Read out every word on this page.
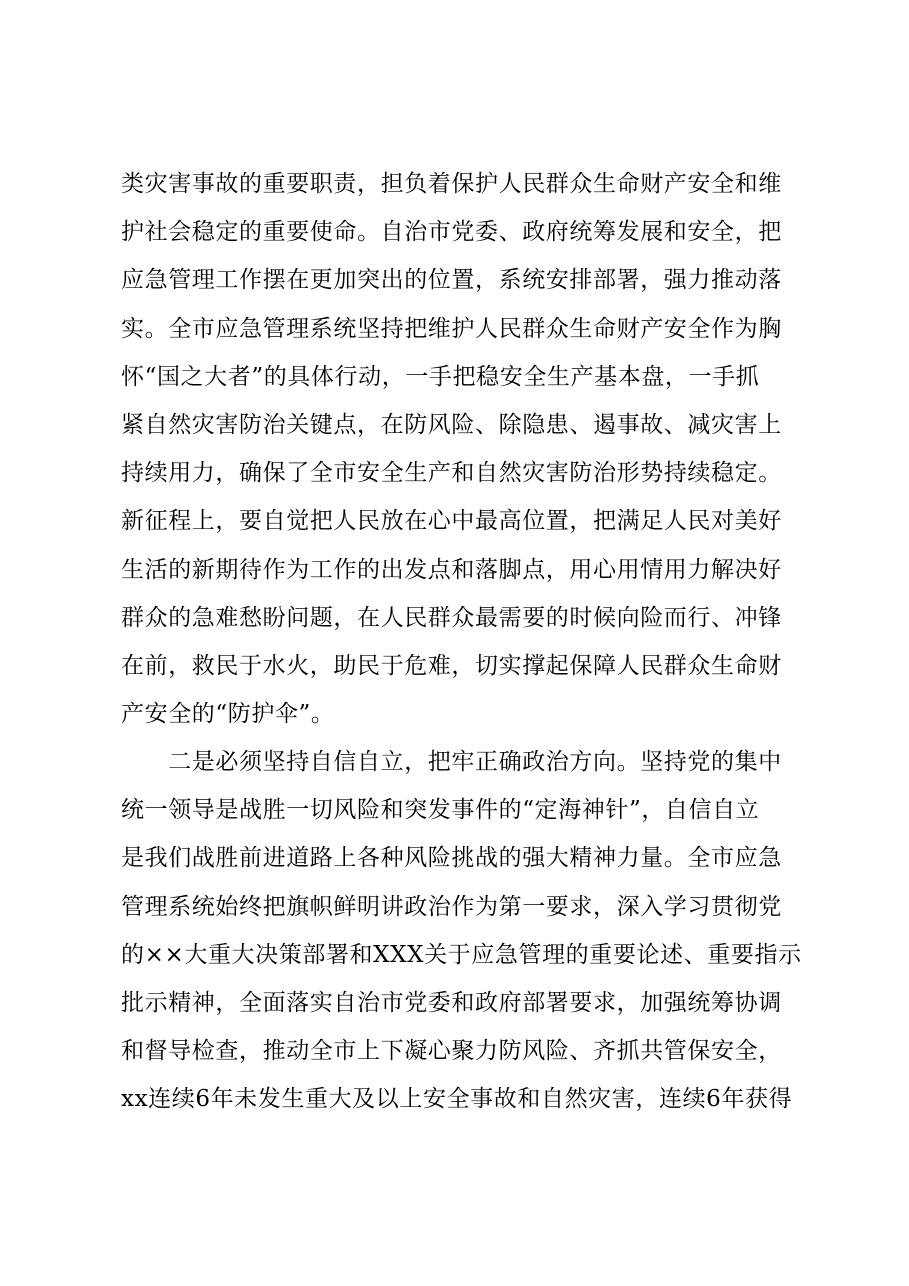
类灾害事故的重要职责，担负着保护人民群众生命财产安全和维
护社会稳定的重要使命。自治市党委、政府统筹发展和安全，把
应急管理工作摆在更加突出的位置，系统安排部署，强力推动落
实。全市应急管理系统坚持把维护人民群众生命财产安全作为胸
怀“国之大者”的具体行动，一手把稳安全生产基本盘，一手抓
紧自然灾害防治关键点，在防风险、除隐患、遏事故、减灾害上
持续用力，确保了全市安全生产和自然灾害防治形势持续稳定。
新征程上，要自觉把人民放在心中最高位置，把满足人民对美好
生活的新期待作为工作的出发点和落脚点，用心用情用力解决好
群众的急难愁盼问题，在人民群众最需要的时候向险而行、冲锋
在前，救民于水火，助民于危难，切实撑起保障人民群众生命财
产安全的“防护伞”。
　　二是必须坚持自信自立，把牢正确政治方向。坚持党的集中
统一领导是战胜一切风险和突发事件的“定海神针”，自信自立
是我们战胜前进道路上各种风险挑战的强大精神力量。全市应急
管理系统始终把旗帜鲜明讲政治作为第一要求，深入学习贯彻党
的××大重大决策部署和XXX关于应急管理的重要论述、重要指示
批示精神，全面落实自治市党委和政府部署要求，加强统筹协调
和督导检查，推动全市上下凝心聚力防风险、齐抓共管保安全，
xx连续6年未发生重大及以上安全事故和自然灾害，连续6年获得
